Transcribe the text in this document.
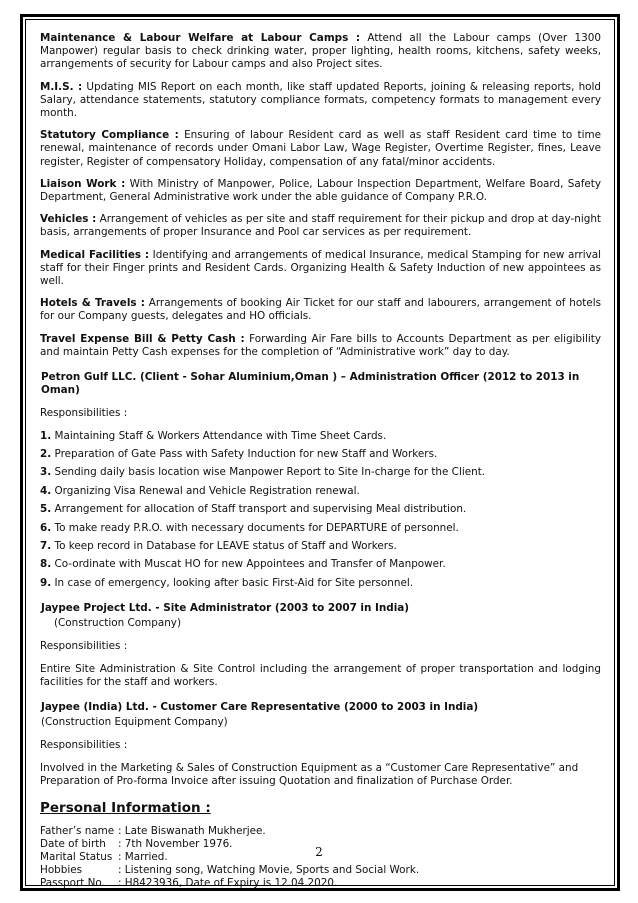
Maintenance & Labour Welfare at Labour Camps : Attend all the Labour camps (Over 1300 Manpower) regular basis to check drinking water, proper lighting, health rooms, kitchens, safety weeks, arrangements of security for Labour camps and also Project sites.

M.I.S. : Updating MIS Report on each month, like staff updated Reports, joining & releasing reports, hold Salary, attendance statements, statutory compliance formats, competency formats to management every month.

Statutory Compliance : Ensuring of labour Resident card as well as staff Resident card time to time renewal, maintenance of records under Omani Labor Law, Wage Register, Overtime Register, fines, Leave register, Register of compensatory Holiday, compensation of any fatal/minor accidents.

Liaison Work : With Ministry of Manpower, Police, Labour Inspection Department, Welfare Board, Safety Department, General Administrative work under the able guidance of Company P.R.O.

Vehicles : Arrangement of vehicles as per site and staff requirement for their pickup and drop at day-night basis, arrangements of proper Insurance and Pool car services as per requirement.

Medical Facilities : Identifying and arrangements of medical Insurance, medical Stamping for new arrival staff for their Finger prints and Resident Cards. Organizing Health & Safety Induction of new appointees as well.

Hotels & Travels : Arrangements of booking Air Ticket for our staff and labourers, arrangement of hotels for our Company guests, delegates and HO officials.

Travel Expense Bill & Petty Cash : Forwarding Air Fare bills to Accounts Department as per eligibility and maintain Petty Cash expenses for the completion of “Administrative work” day to day.

Petron Gulf LLC. (Client - Sohar Aluminium,Oman ) – Administration Officer (2012 to 2013 in Oman)
Responsibilities :
1. Maintaining Staff & Workers Attendance with Time Sheet Cards.
2. Preparation of Gate Pass with Safety Induction for new Staff and Workers.
3. Sending daily basis location wise Manpower Report to Site In-charge for the Client.
4. Organizing Visa Renewal and Vehicle Registration renewal.
5. Arrangement for allocation of Staff transport and supervising Meal distribution.
6. To make ready P.R.O. with necessary documents for DEPARTURE of personnel.
7. To keep record in Database for LEAVE status of Staff and Workers.
8. Co-ordinate with Muscat HO for new Appointees and Transfer of Manpower.
9. In case of emergency, looking after basic First-Aid for Site personnel.
Jaypee Project Ltd. - Site Administrator (2003 to 2007 in India)
(Construction Company)
Responsibilities :

Entire Site Administration & Site Control including the arrangement of proper transportation and lodging facilities for the staff and workers.

Jaypee (India) Ltd. - Customer Care Representative (2000 to 2003 in India)
(Construction Equipment Company)
Responsibilities :

Involved in the Marketing & Sales of Construction Equipment as a “Customer Care Representative” and Preparation of Pro-forma Invoice after issuing Quotation and finalization of Purchase Order.

Personal Information :
Father’s name : Late Biswanath Mukherjee.
Date of birth	: 7th November 1976.
Marital Status : Married.
Hobbies	: Listening song, Watching Movie, Sports and Social Work.
Passport No.	: H8423936, Date of Expiry is 12.04.2020.
2
